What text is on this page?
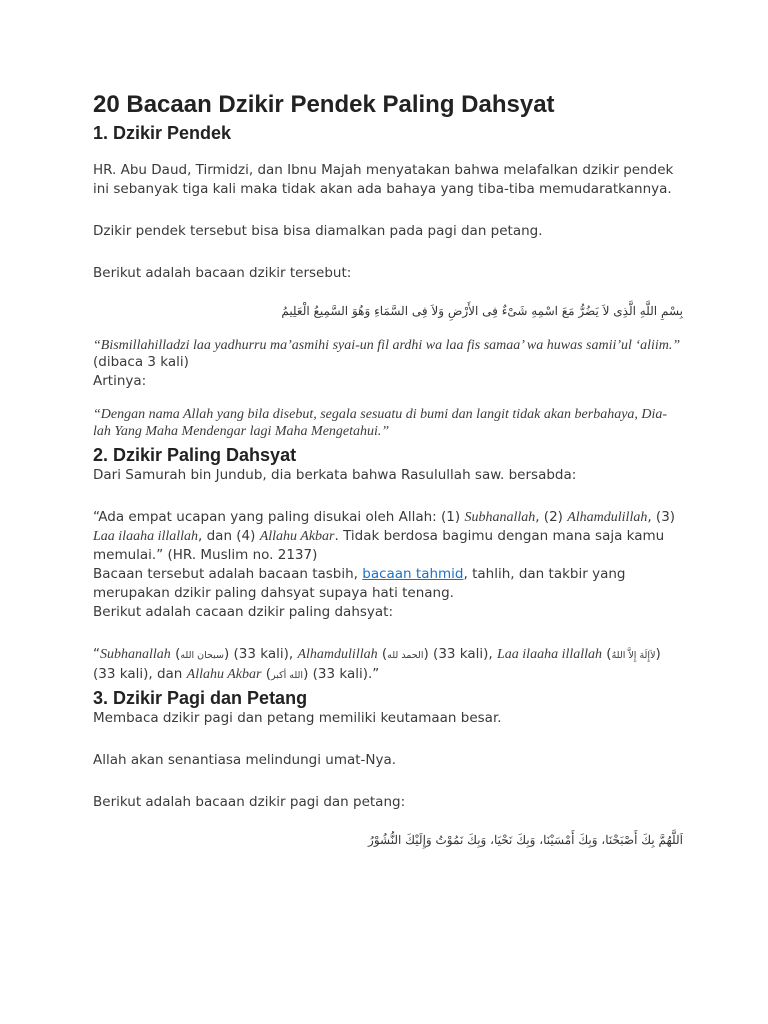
20 Bacaan Dzikir Pendek Paling Dahsyat
1. Dzikir Pendek

HR. Abu Daud, Tirmidzi, dan Ibnu Majah menyatakan bahwa melafalkan dzikir pendek ini sebanyak tiga kali maka tidak akan ada bahaya yang tiba-tiba memudaratkannya.

Dzikir pendek tersebut bisa bisa diamalkan pada pagi dan petang.

Berikut adalah bacaan dzikir tersebut:

بِسْمِ اللَّهِ الَّذِى لاَ يَضُرُّ مَعَ اسْمِهِ شَىْءٌ فِى الأَرْضِ وَلاَ فِى السَّمَاءِ وَهُوَ السَّمِيعُ الْعَلِيمُ

“Bismillahilladzi laa yadhurru ma’asmihi syai-un fil ardhi wa laa fis samaa’ wa huwas samii’ul ‘aliim.” (dibaca 3 kali)

Artinya:

“Dengan nama Allah yang bila disebut, segala sesuatu di bumi dan langit tidak akan berbahaya, Dia-lah Yang Maha Mendengar lagi Maha Mengetahui.”

2. Dzikir Paling Dahsyat

Dari Samurah bin Jundub, dia berkata bahwa Rasulullah saw. bersabda:

“Ada empat ucapan yang paling disukai oleh Allah: (1) Subhanallah, (2) Alhamdulillah, (3) Laa ilaaha illallah, dan (4) Allahu Akbar. Tidak berdosa bagimu dengan mana saja kamu memulai.” (HR. Muslim no. 2137)

Bacaan tersebut adalah bacaan tasbih, bacaan tahmid, tahlih, dan takbir yang merupakan dzikir paling dahsyat supaya hati tenang.

Berikut adalah cacaan dzikir paling dahsyat:

“Subhanallah (سبحان الله) (33 kali), Alhamdulillah (الحمد لله) (33 kali), Laa ilaaha illallah (لاَإِلَهَ إِلاَّ اللهُ) (33 kali), dan Allahu Akbar (الله أكبر) (33 kali).”

3. Dzikir Pagi dan Petang

Membaca dzikir pagi dan petang memiliki keutamaan besar.

Allah akan senantiasa melindungi umat-Nya.

Berikut adalah bacaan dzikir pagi dan petang:

اَللَّهُمَّ بِكَ أَصْبَحْنَا، وَبِكَ أَمْسَيْنَا، وَبِكَ نَحْيَا، وَبِكَ نَمُوْتُ وَإِلَيْكَ النُّشُوْرُ
